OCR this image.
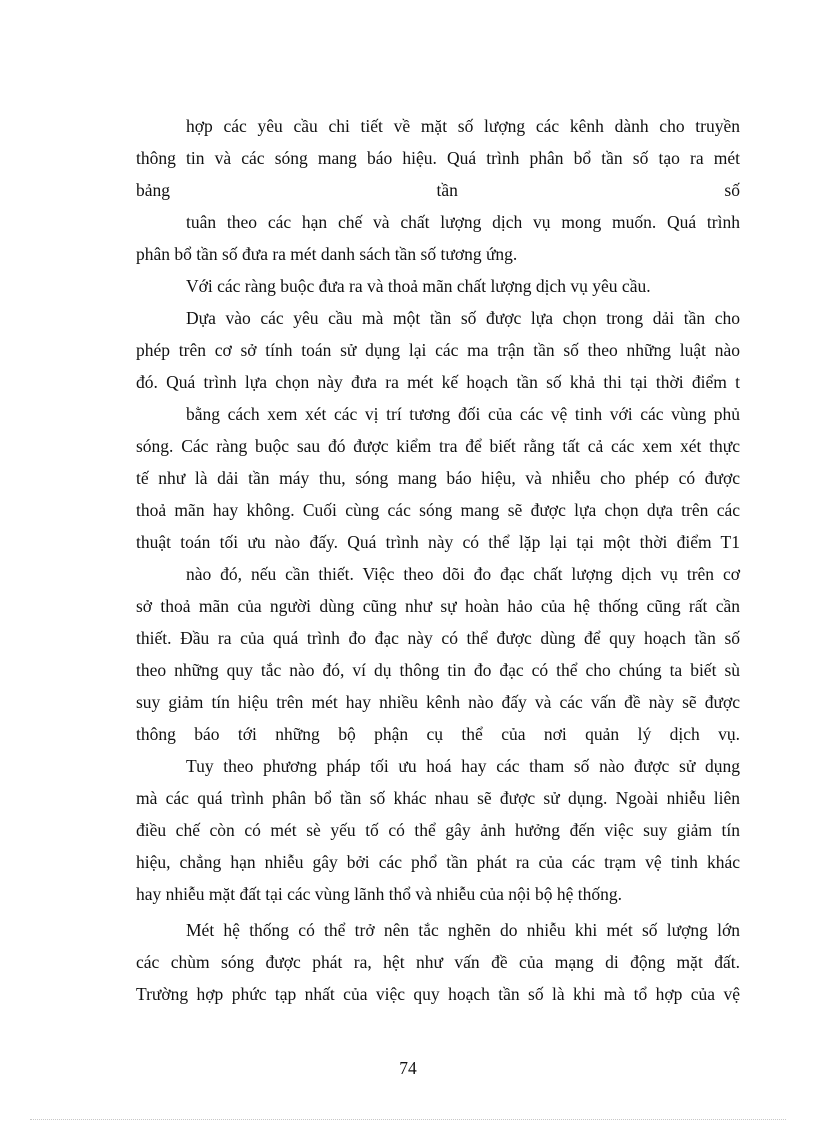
hợp các yêu cầu chi tiết về mặt số lượng các kênh dành cho truyền
thông tin và các sóng mang báo hiệu. Quá trình phân bổ tần số tạo ra mét
bảng tần số
tuân theo các hạn chế và chất lượng dịch vụ mong muốn. Quá trình
phân bổ tần số đưa ra mét danh sách tần số tương ứng.
Với các ràng buộc đưa ra và thoả mãn chất lượng dịch vụ yêu cầu.
Dựa vào các yêu cầu mà một tần số được lựa chọn trong dải tần cho
phép trên cơ sở tính toán sử dụng lại các ma trận tần số theo những luật nào
đó. Quá trình lựa chọn này đưa ra mét kế hoạch tần số khả thi tại thời điểm t
bằng cách xem xét các vị trí tương đối của các vệ tinh với các vùng phủ
sóng. Các ràng buộc sau đó được kiểm tra để biết rằng tất cả các xem xét thực
tế như là dải tần máy thu, sóng mang báo hiệu, và nhiễu cho phép có được
thoả mãn hay không. Cuối cùng các sóng mang sẽ được lựa chọn dựa trên các
thuật toán tối ưu nào đấy. Quá trình này có thể lặp lại tại một thời điểm T1
nào đó, nếu cần thiết. Việc theo dõi đo đạc chất lượng dịch vụ trên cơ
sở thoả mãn của người dùng cũng như sự hoàn hảo của hệ thống cũng rất cần
thiết. Đầu ra của quá trình đo đạc này có thể được dùng để quy hoạch tần số
theo những quy tắc nào đó, ví dụ thông tin đo đạc có thể cho chúng ta biết sù
suy giảm tín hiệu trên mét hay nhiều kênh nào đấy và các vấn đề này sẽ được
thông báo tới những bộ phận cụ thể của nơi quản lý dịch vụ.
Tuy theo phương pháp tối ưu hoá hay các tham số nào được sử dụng
mà các quá trình phân bổ tần số khác nhau sẽ được sử dụng. Ngoài nhiễu liên
điều chế còn có mét sè yếu tố có thể gây ảnh hưởng đến việc suy giảm tín
hiệu, chẳng hạn nhiễu gây bởi các phổ tần phát ra của các trạm vệ tinh khác
hay nhiễu mặt đất tại các vùng lãnh thổ và nhiễu của nội bộ hệ thống.
Mét hệ thống có thể trở nên tắc nghẽn do nhiễu khi mét số lượng lớn
các chùm sóng được phát ra, hệt như vấn đề của mạng di động mặt đất.
Trường hợp phức tạp nhất của việc quy hoạch tần số là khi mà tổ hợp của vệ
74
